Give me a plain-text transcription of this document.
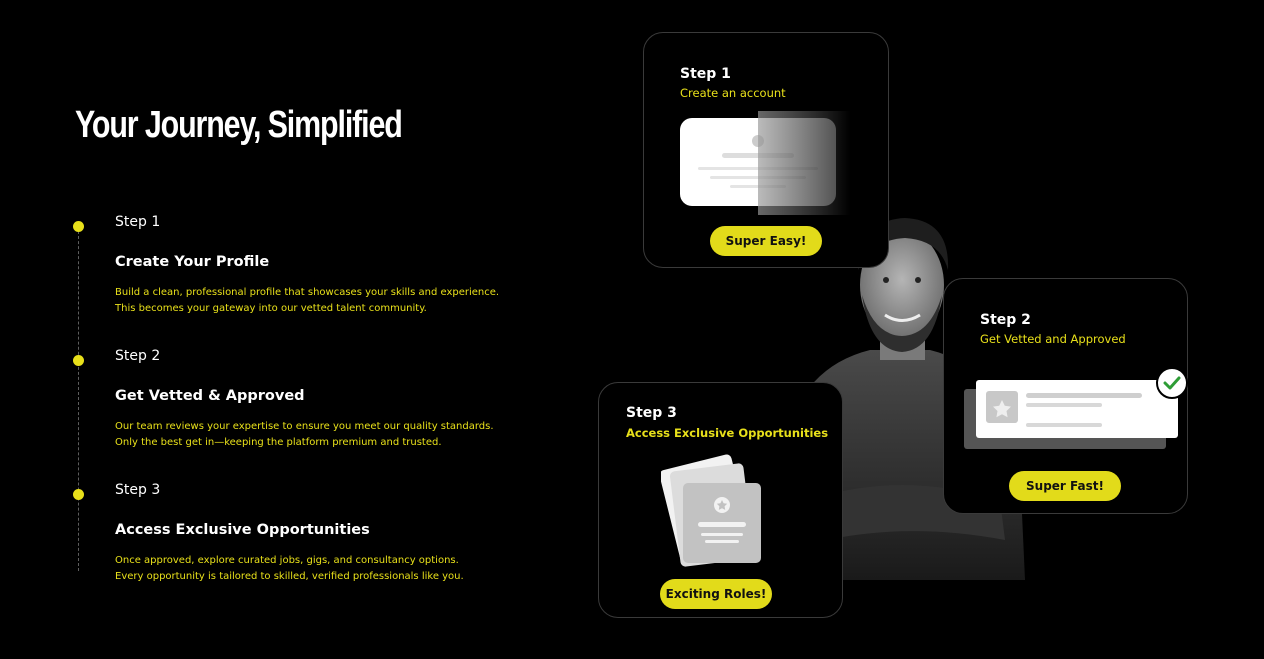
Your Journey, Simplified

Step 1

Create Your Profile

Build a clean, professional profile that showcases your skills and experience.
This becomes your gateway into our vetted talent community.

Step 2

Get Vetted & Approved

Our team reviews your expertise to ensure you meet our quality standards.
Only the best get in—keeping the platform premium and trusted.

Step 3

Access Exclusive Opportunities

Once approved, explore curated jobs, gigs, and consultancy options.
Every opportunity is tailored to skilled, verified professionals like you.

Step 1
Create an account
Super Easy!
Step 2
Get Vetted and Approved
Super Fast!
Step 3
Access Exclusive Opportunities
Exciting Roles!
